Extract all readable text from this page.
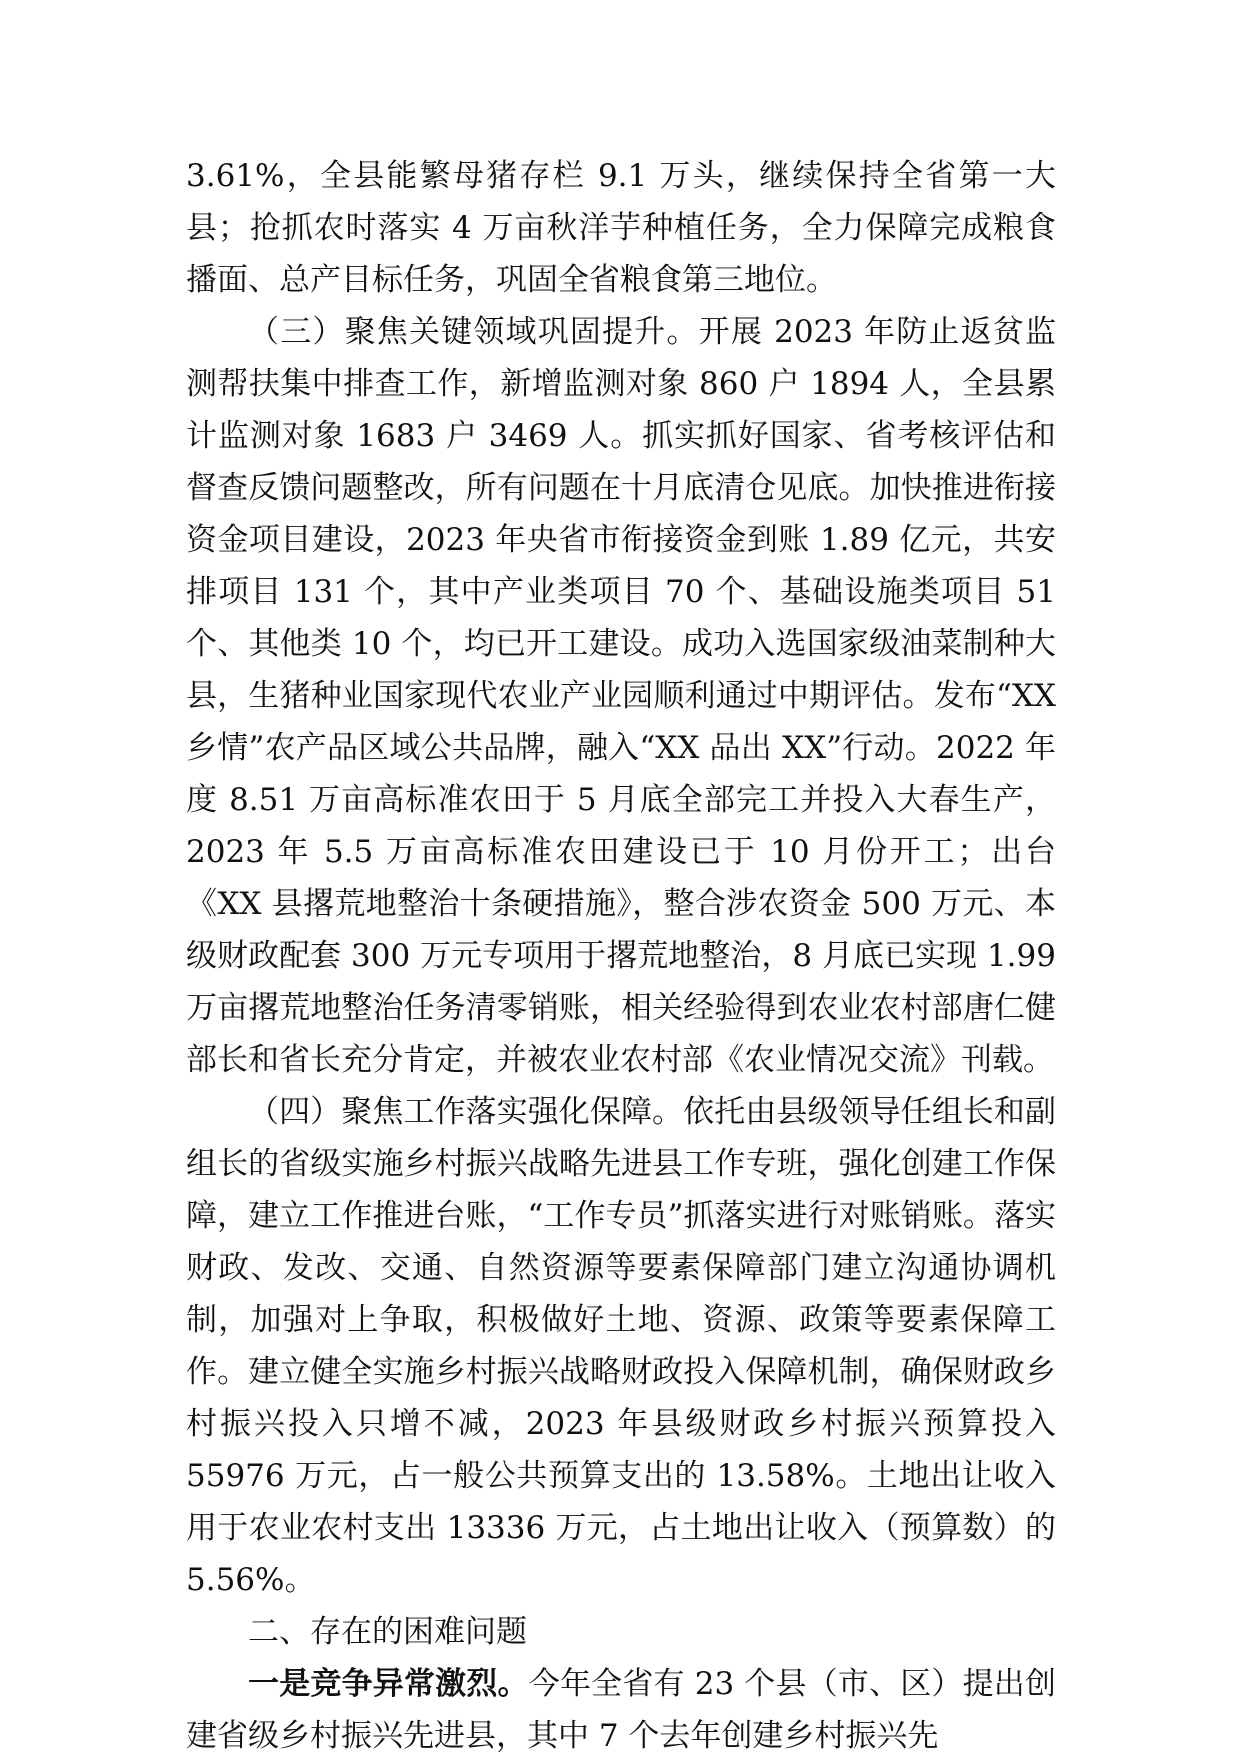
3.61%，全县能繁母猪存栏 9.1 万头，继续保持全省第一大县；抢抓农时落实 4 万亩秋洋芋种植任务，全力保障完成粮食播面、总产目标任务，巩固全省粮食第三地位。

（三）聚焦关键领域巩固提升。开展 2023 年防止返贫监测帮扶集中排查工作，新增监测对象 860 户 1894 人，全县累计监测对象 1683 户 3469 人。抓实抓好国家、省考核评估和督查反馈问题整改，所有问题在十月底清仓见底。加快推进衔接资金项目建设，2023 年央省市衔接资金到账 1.89 亿元，共安排项目 131 个，其中产业类项目 70 个、基础设施类项目 51 个、其他类 10 个，均已开工建设。成功入选国家级油菜制种大县，生猪种业国家现代农业产业园顺利通过中期评估。发布“XX 乡情”农产品区域公共品牌，融入“XX 品出 XX”行动。2022 年度 8.51 万亩高标准农田于 5 月底全部完工并投入大春生产，2023 年 5.5 万亩高标准农田建设已于 10 月份开工；出台《XX 县撂荒地整治十条硬措施》，整合涉农资金 500 万元、本级财政配套 300 万元专项用于撂荒地整治，8 月底已实现 1.99 万亩撂荒地整治任务清零销账，相关经验得到农业农村部唐仁健部长和省长充分肯定，并被农业农村部《农业情况交流》刊载。

（四）聚焦工作落实强化保障。依托由县级领导任组长和副组长的省级实施乡村振兴战略先进县工作专班，强化创建工作保障，建立工作推进台账，“工作专员”抓落实进行对账销账。落实财政、发改、交通、自然资源等要素保障部门建立沟通协调机制，加强对上争取，积极做好土地、资源、政策等要素保障工作。建立健全实施乡村振兴战略财政投入保障机制，确保财政乡村振兴投入只增不减，2023 年县级财政乡村振兴预算投入 55976 万元，占一般公共预算支出的 13.58%。土地出让收入用于农业农村支出 13336 万元，占土地出让收入（预算数）的 5.56%。

二、存在的困难问题

一是竞争异常激烈。今年全省有 23 个县（市、区）提出创建省级乡村振兴先进县，其中 7 个去年创建乡村振兴先
